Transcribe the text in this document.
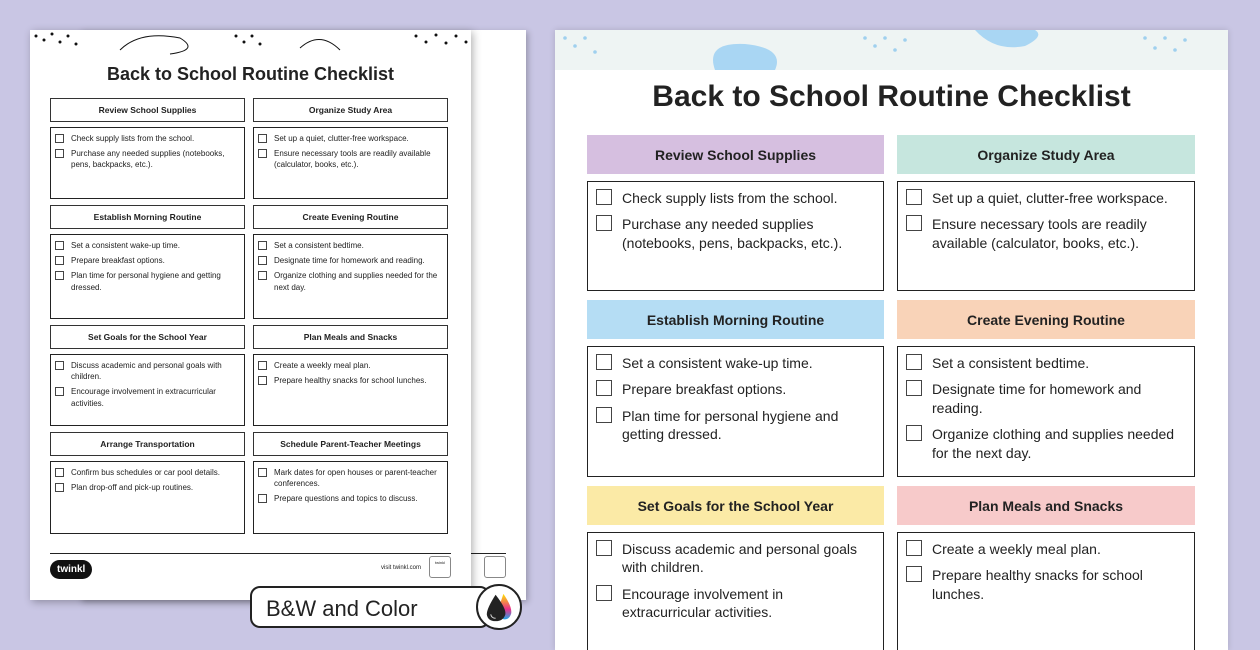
Back to School Routine Checklist
Review School Supplies
Check supply lists from the school.
Purchase any needed supplies (notebooks, pens, backpacks, etc.).
Organize Study Area
Set up a quiet, clutter-free workspace.
Ensure necessary tools are readily available (calculator, books, etc.).
Establish Morning Routine
Set a consistent wake-up time.
Prepare breakfast options.
Plan time for personal hygiene and getting dressed.
Create Evening Routine
Set a consistent bedtime.
Designate time for homework and reading.
Organize clothing and supplies needed for the next day.
Set Goals for the School Year
Discuss academic and personal goals with children.
Encourage involvement in extracurricular activities.
Plan Meals and Snacks
Create a weekly meal plan.
Prepare healthy snacks for school lunches.
Arrange Transportation
Confirm bus schedules or car pool details.
Plan drop-off and pick-up routines.
Schedule Parent-Teacher Meetings
Mark dates for open houses or parent-teacher conferences.
Prepare questions and topics to discuss.
twinkl	visit twinkl.com
twinkl
Back to School Routine Checklist
Review School Supplies
Check supply lists from the school.
Purchase any needed supplies (notebooks, pens, backpacks, etc.).
Organize Study Area
Set up a quiet, clutter-free workspace.
Ensure necessary tools are readily available (calculator, books, etc.).
Establish Morning Routine
Set a consistent wake-up time.
Prepare breakfast options.
Plan time for personal hygiene and getting dressed.
Create Evening Routine
Set a consistent bedtime.
Designate time for homework and reading.
Organize clothing and supplies needed for the next day.
Set Goals for the School Year
Discuss academic and personal goals with children.
Encourage involvement in extracurricular activities.
Plan Meals and Snacks
Create a weekly meal plan.
Prepare healthy snacks for school lunches.
B&W and Color
